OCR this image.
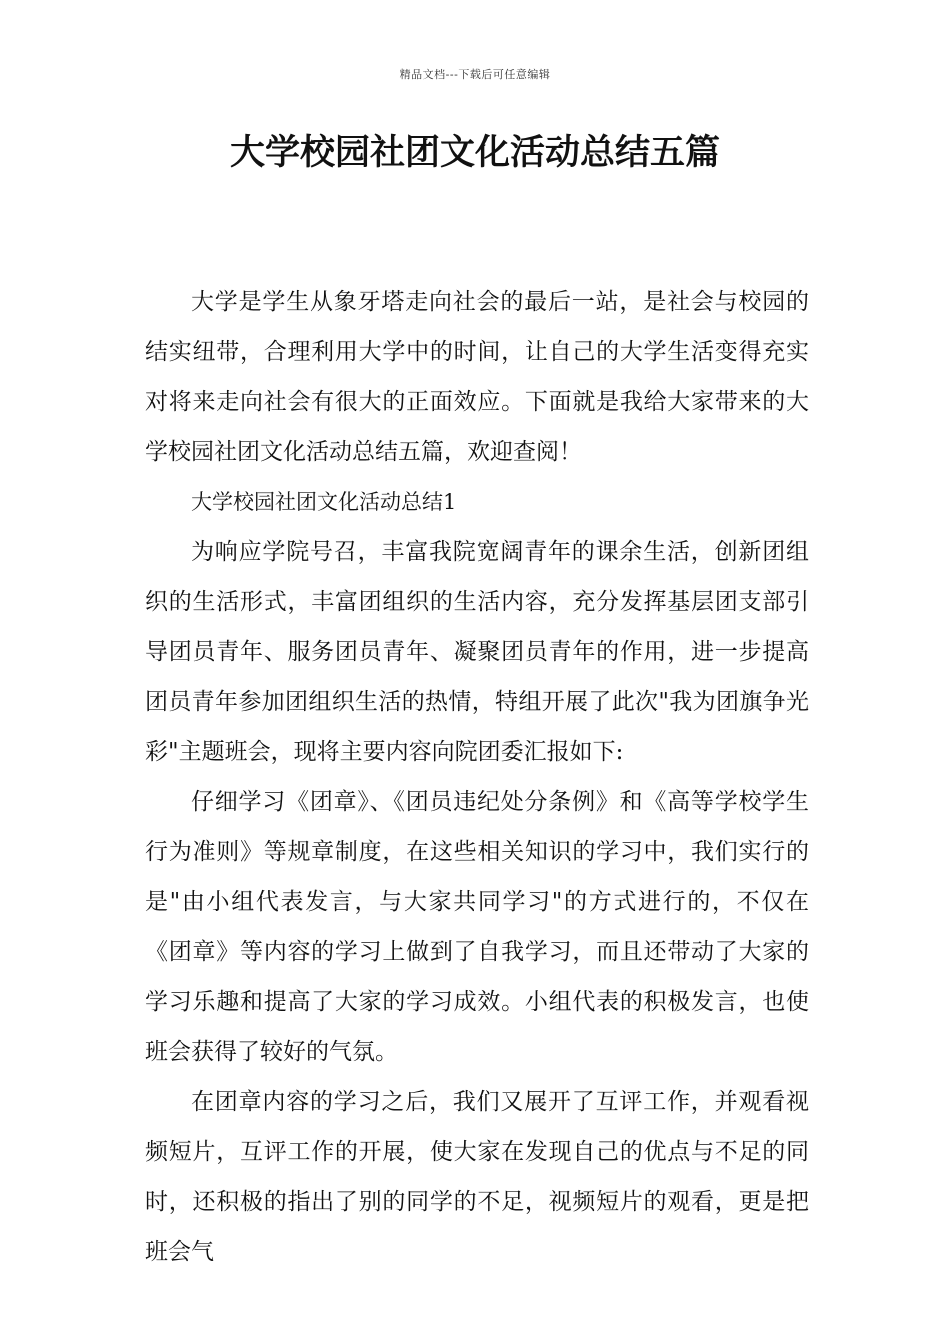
精品文档---下载后可任意编辑
大学校园社团文化活动总结五篇

大学是学生从象牙塔走向社会的最后一站，是社会与校园的结实纽带，合理利用大学中的时间，让自己的大学生活变得充实对将来走向社会有很大的正面效应。下面就是我给大家带来的大学校园社团文化活动总结五篇，欢迎查阅！

大学校园社团文化活动总结1

为响应学院号召，丰富我院宽阔青年的课余生活，创新团组织的生活形式，丰富团组织的生活内容，充分发挥基层团支部引导团员青年、服务团员青年、凝聚团员青年的作用，进一步提高团员青年参加团组织生活的热情，特组开展了此次"我为团旗争光彩"主题班会，现将主要内容向院团委汇报如下:

仔细学习《团章》、《团员违纪处分条例》和《高等学校学生行为准则》等规章制度，在这些相关知识的学习中，我们实行的是"由小组代表发言，与大家共同学习"的方式进行的，不仅在《团章》等内容的学习上做到了自我学习，而且还带动了大家的学习乐趣和提高了大家的学习成效。小组代表的积极发言，也使班会获得了较好的气氛。

在团章内容的学习之后，我们又展开了互评工作，并观看视频短片，互评工作的开展，使大家在发现自己的优点与不足的同时，还积极的指出了别的同学的不足，视频短片的观看，更是把班会气
